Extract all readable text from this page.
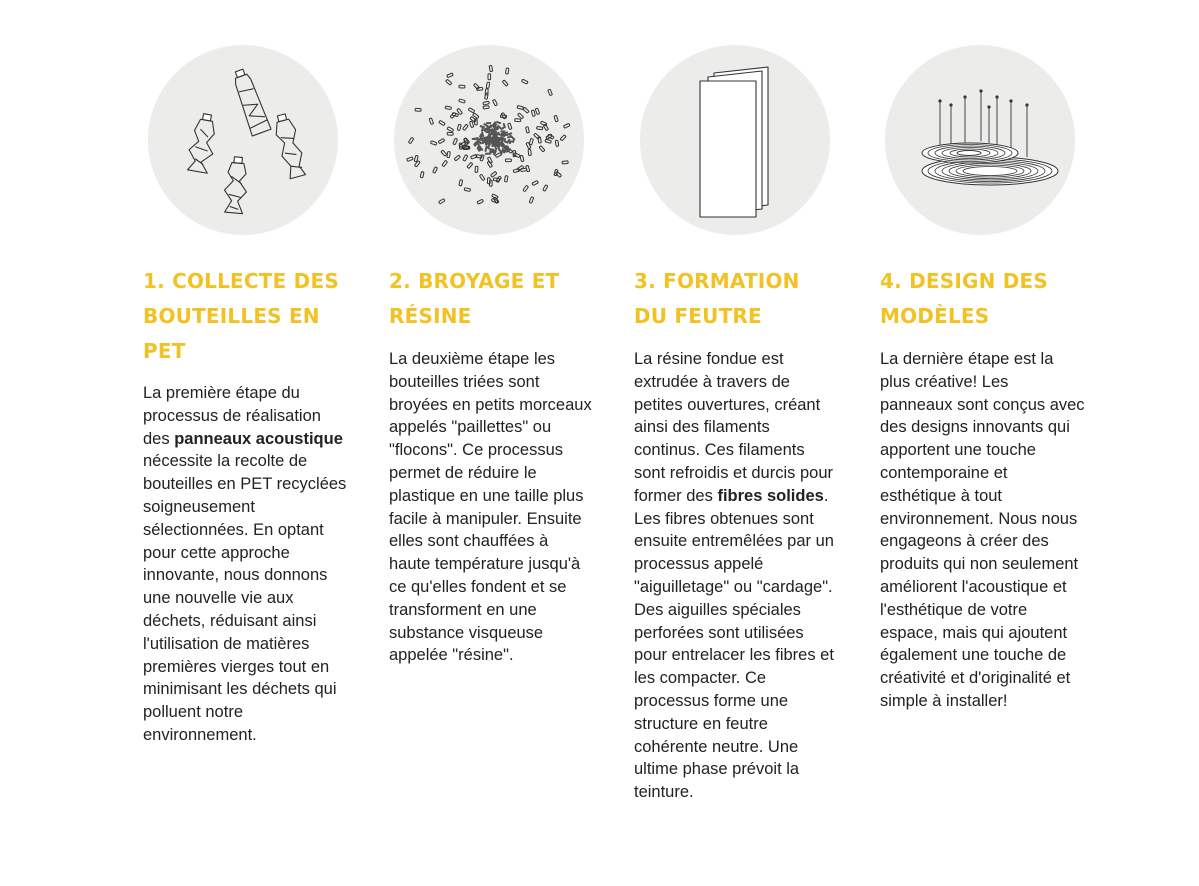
1. COLLECTE DES BOUTEILLES EN PET

La première étape du processus de réalisation des panneaux acoustique nécessite la recolte de bouteilles en PET recyclées soigneusement sélectionnées. En optant pour cette approche innovante, nous donnons une nouvelle vie aux déchets, réduisant ainsi l'utilisation de matières premières vierges tout en minimisant les déchets qui polluent notre environnement.

2. BROYAGE ET RÉSINE

La deuxième étape les bouteilles triées sont broyées en petits morceaux appelés "paillettes" ou "flocons". Ce processus permet de réduire le plastique en une taille plus facile à manipuler. Ensuite elles sont chauffées à haute température jusqu'à ce qu'elles fondent et se transforment en une substance visqueuse appelée "résine".

3. FORMATION DU FEUTRE

La résine fondue est extrudée à travers de petites ouvertures, créant ainsi des filaments continus. Ces filaments sont refroidis et durcis pour former des fibres solides. Les fibres obtenues sont ensuite entremêlées par un processus appelé "aiguilletage" ou "cardage". Des aiguilles spéciales perforées sont utilisées pour entrelacer les fibres et les compacter. Ce processus forme une structure en feutre cohérente neutre. Une ultime phase prévoit la teinture.

4. DESIGN DES MODÈLES

La dernière étape est la plus créative! Les panneaux sont conçus avec des designs innovants qui apportent une touche contemporaine et esthétique à tout environnement. Nous nous engageons à créer des produits qui non seulement améliorent l'acoustique et l'esthétique de votre espace, mais qui ajoutent également une touche de créativité et d'originalité et simple à installer!
